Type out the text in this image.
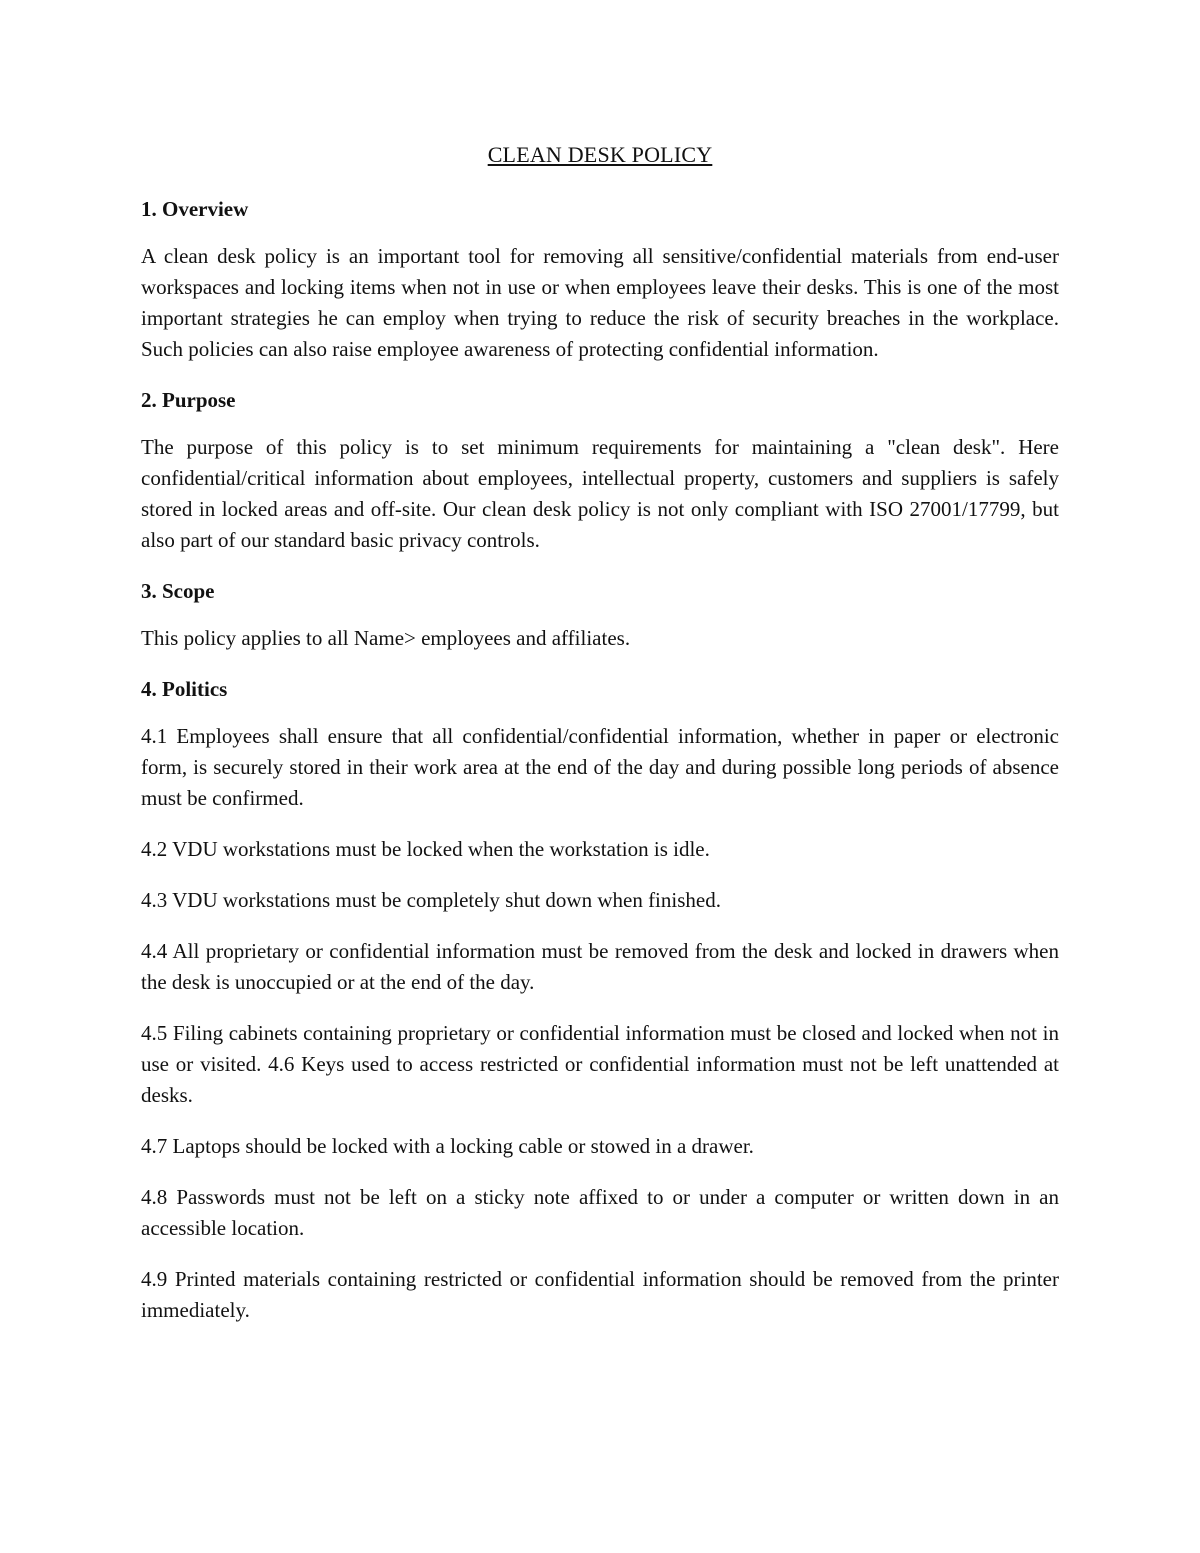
CLEAN DESK POLICY
1. Overview

A clean desk policy is an important tool for removing all sensitive/confidential materials from end-user workspaces and locking items when not in use or when employees leave their desks. This is one of the most important strategies he can employ when trying to reduce the risk of security breaches in the workplace. Such policies can also raise employee awareness of protecting confidential information.

2. Purpose

The purpose of this policy is to set minimum requirements for maintaining a "clean desk". Here confidential/critical information about employees, intellectual property, customers and suppliers is safely stored in locked areas and off-site. Our clean desk policy is not only compliant with ISO 27001/17799, but also part of our standard basic privacy controls.

3. Scope

This policy applies to all Name> employees and affiliates.

4. Politics

4.1 Employees shall ensure that all confidential/confidential information, whether in paper or electronic form, is securely stored in their work area at the end of the day and during possible long periods of absence must be confirmed.

4.2 VDU workstations must be locked when the workstation is idle.

4.3 VDU workstations must be completely shut down when finished.

4.4 All proprietary or confidential information must be removed from the desk and locked in drawers when the desk is unoccupied or at the end of the day.

4.5 Filing cabinets containing proprietary or confidential information must be closed and locked when not in use or visited. 4.6 Keys used to access restricted or confidential information must not be left unattended at desks.

4.7 Laptops should be locked with a locking cable or stowed in a drawer.

4.8 Passwords must not be left on a sticky note affixed to or under a computer or written down in an accessible location.

4.9 Printed materials containing restricted or confidential information should be removed from the printer immediately.
